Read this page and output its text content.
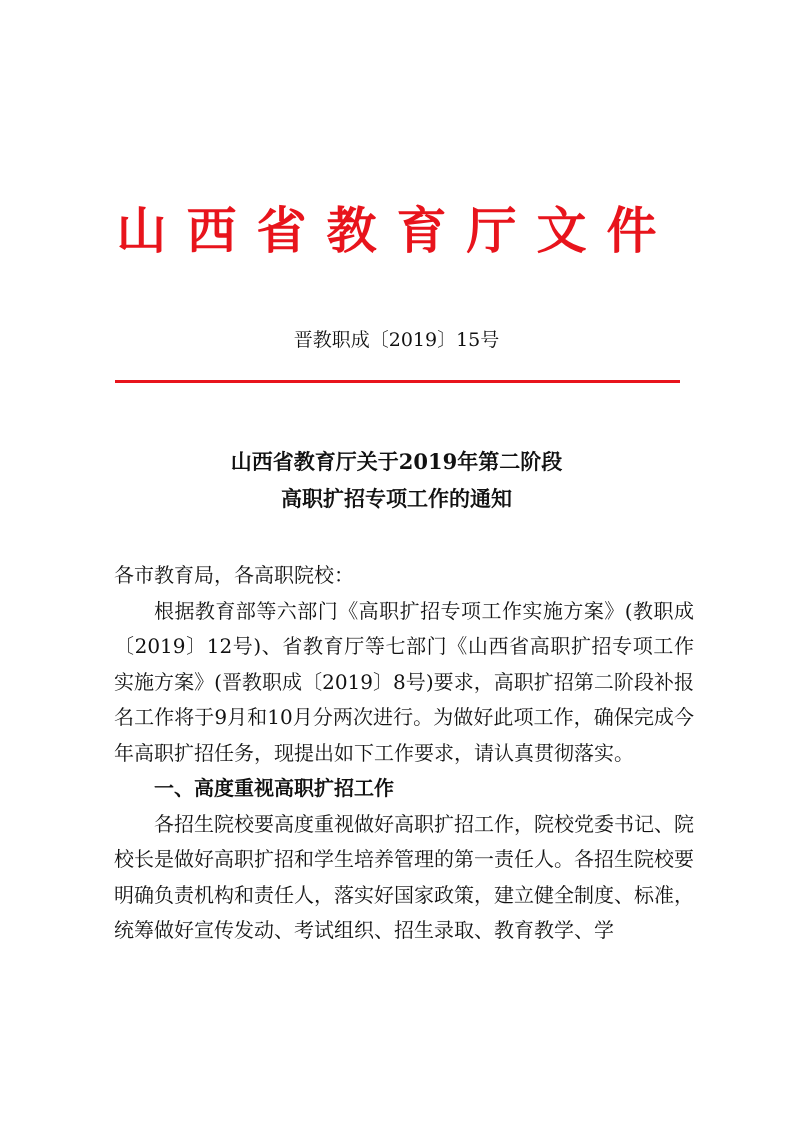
山西省教育厅文件
晋教职成〔2019〕15号
山西省教育厅关于2019年第二阶段
高职扩招专项工作的通知

各市教育局，各高职院校：

根据教育部等六部门《高职扩招专项工作实施方案》(教职成〔2019〕12号)、省教育厅等七部门《山西省高职扩招专项工作实施方案》(晋教职成〔2019〕8号)要求，高职扩招第二阶段补报名工作将于9月和10月分两次进行。为做好此项工作，确保完成今年高职扩招任务，现提出如下工作要求，请认真贯彻落实。

一、高度重视高职扩招工作

各招生院校要高度重视做好高职扩招工作，院校党委书记、院校长是做好高职扩招和学生培养管理的第一责任人。各招生院校要明确负责机构和责任人，落实好国家政策，建立健全制度、标准，统筹做好宣传发动、考试组织、招生录取、教育教学、学
